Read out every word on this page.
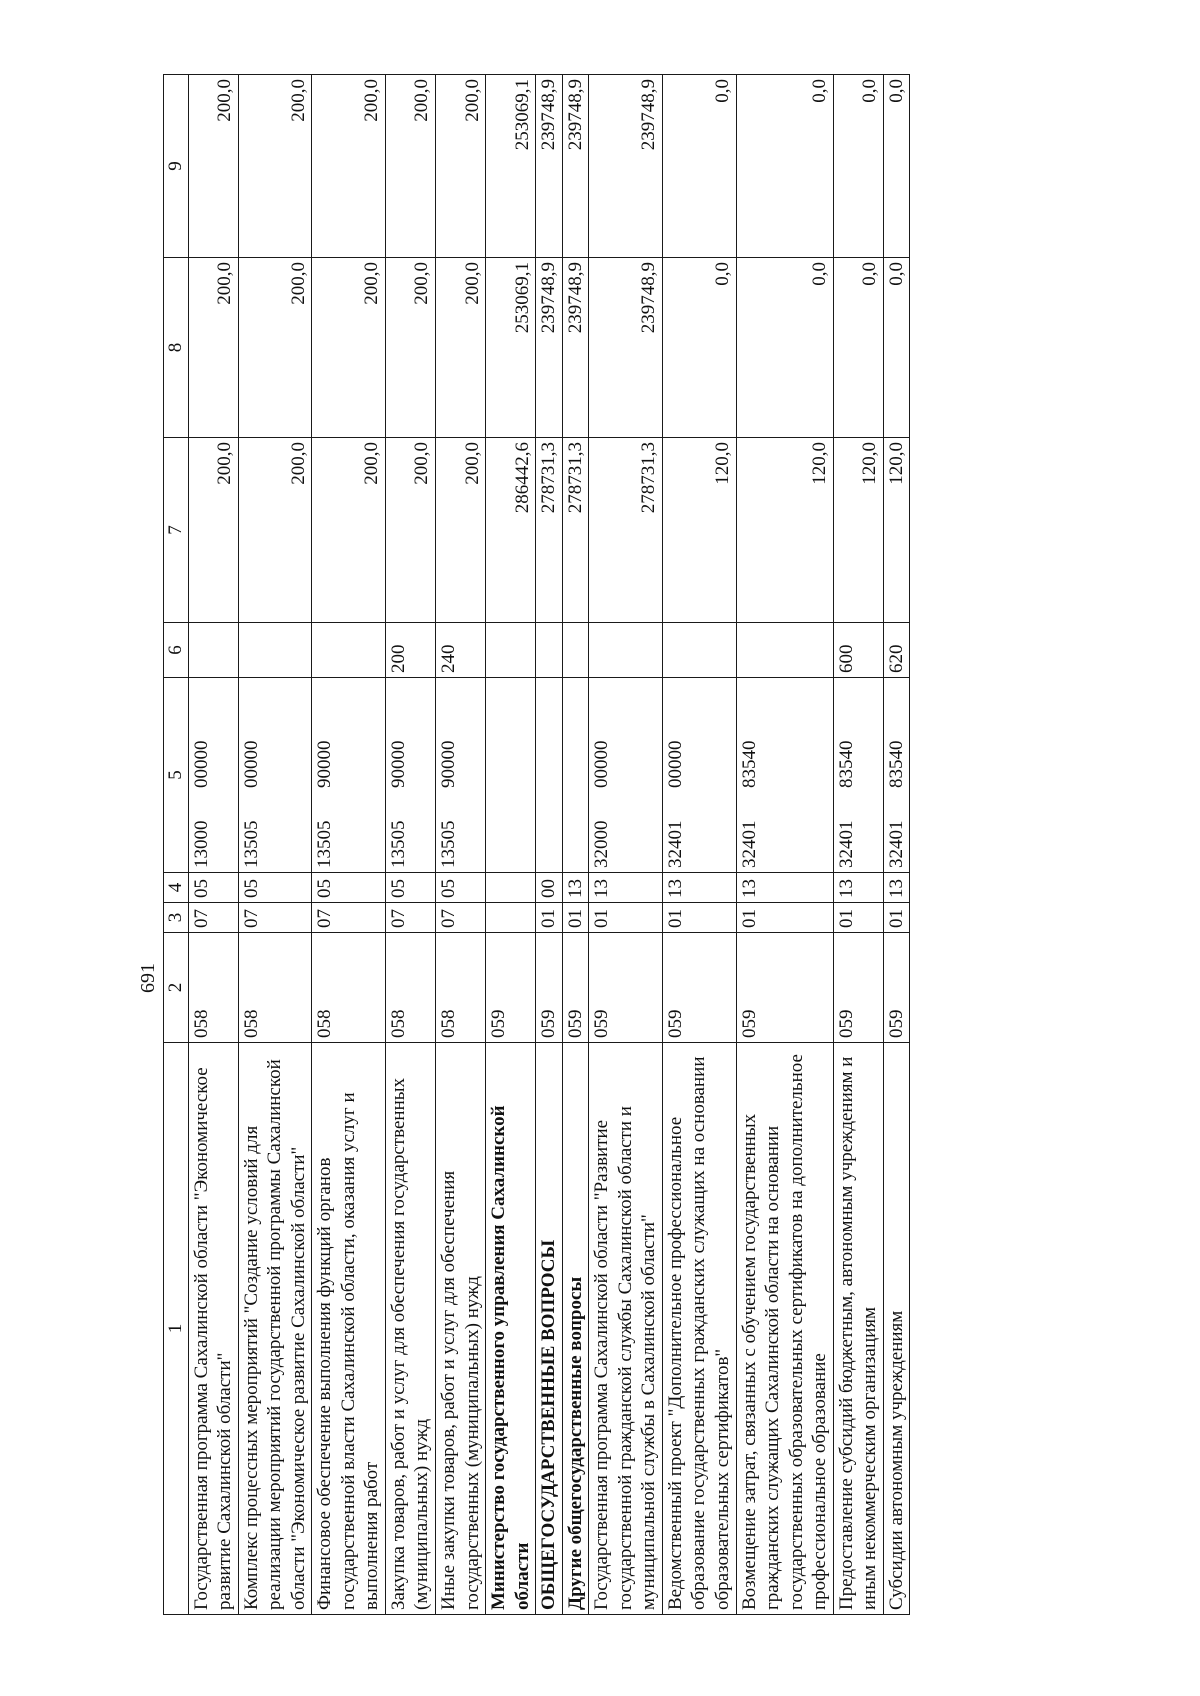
691
1	2	3	4	5	6	7	8	9
Государственная программа Сахалинской области "Экономическое развитие Сахалинской области"	058	07	05	1300000000		200,0	200,0	200,0
Комплекс процессных мероприятий "Создание условий для реализации мероприятий государственной программы Сахалинской области "Экономическое развитие Сахалинской области"	058	07	05	1350500000		200,0	200,0	200,0
Финансовое обеспечение выполнения функций органов государственной власти Сахалинской области, оказания услуг и выполнения работ	058	07	05	1350590000		200,0	200,0	200,0
Закупка товаров, работ и услуг для обеспечения государственных (муниципальных) нужд	058	07	05	1350590000	200	200,0	200,0	200,0
Иные закупки товаров, работ и услуг для обеспечения государственных (муниципальных) нужд	058	07	05	1350590000	240	200,0	200,0	200,0
Министерство государственного управления Сахалинской области	059					286442,6	253069,1	253069,1
ОБЩЕГОСУДАРСТВЕННЫЕ ВОПРОСЫ	059	01	00			278731,3	239748,9	239748,9
Другие общегосударственные вопросы	059	01	13			278731,3	239748,9	239748,9
Государственная программа Сахалинской области "Развитие государственной гражданской службы Сахалинской области и муниципальной службы в Сахалинской области"	059	01	13	3200000000		278731,3	239748,9	239748,9
Ведомственный проект "Дополнительное профессиональное образование государственных гражданских служащих на основании образовательных сертификатов"	059	01	13	3240100000		120,0	0,0	0,0
Возмещение затрат, связанных с обучением государственных гражданских служащих Сахалинской области на основании государственных образовательных сертификатов на дополнительное профессиональное образование	059	01	13	3240183540		120,0	0,0	0,0
Предоставление субсидий бюджетным, автономным учреждениям и иным некоммерческим организациям	059	01	13	3240183540	600	120,0	0,0	0,0
Субсидии автономным учреждениям	059	01	13	3240183540	620	120,0	0,0	0,0
